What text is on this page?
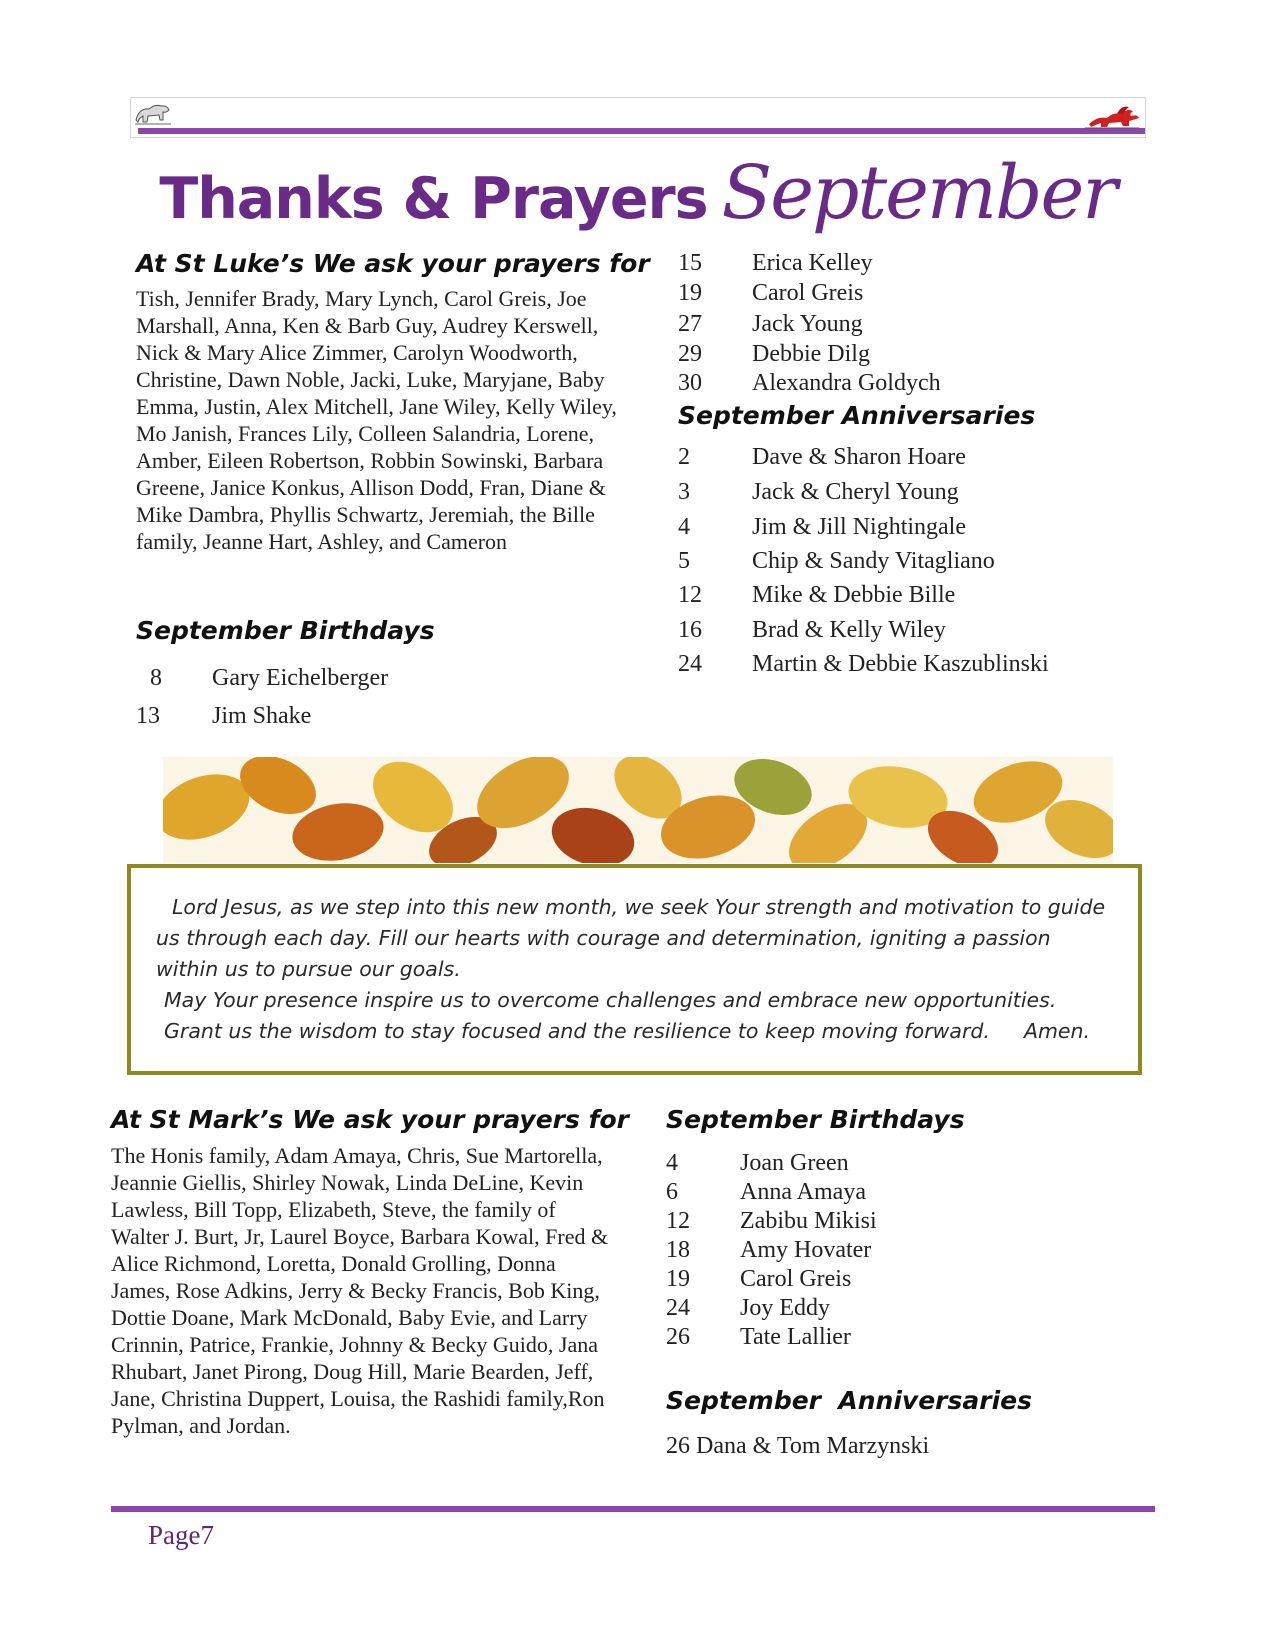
Thanks & Prayers September
At St Luke’s We ask your prayers for
Tish, Jennifer Brady, Mary Lynch, Carol Greis, Joe Marshall, Anna, Ken & Barb Guy, Audrey Kerswell, Nick & Mary Alice Zimmer, Carolyn Woodworth, Christine, Dawn Noble, Jacki, Luke, Maryjane, Baby Emma, Justin, Alex Mitchell, Jane Wiley, Kelly Wiley, Mo Janish, Frances Lily, Colleen Salandria, Lorene, Amber, Eileen Robertson, Robbin Sowinski, Barbara Greene, Janice Konkus, Allison Dodd, Fran, Diane & Mike Dambra, Phyllis Schwartz, Jeremiah, the Bille family, Jeanne Hart, Ashley, and Cameron
September Birthdays
8	Gary Eichelberger
13	Jim Shake
15	Erica Kelley
19	Carol Greis
27	Jack Young
29	Debbie Dilg
30	Alexandra Goldych
September Anniversaries
2	Dave & Sharon Hoare
3	Jack & Cheryl Young
4	Jim & Jill Nightingale
5	Chip & Sandy Vitagliano
12	Mike & Debbie Bille
16	Brad & Kelly Wiley
24	Martin & Debbie Kaszublinski

Lord Jesus, as we step into this new month, we seek Your strength and motivation to guide us through each day. Fill our hearts with courage and determination, igniting a passion within us to pursue our goals.

May Your presence inspire us to overcome challenges and embrace new opportunities.

Grant us the wisdom to stay focused and the resilience to keep moving forward. Amen.

At St Mark’s We ask your prayers for
The Honis family, Adam Amaya, Chris, Sue Martorella, Jeannie Giellis, Shirley Nowak, Linda DeLine, Kevin Lawless, Bill Topp, Elizabeth, Steve, the family of Walter J. Burt, Jr, Laurel Boyce, Barbara Kowal, Fred & Alice Richmond, Loretta, Donald Grolling, Donna James, Rose Adkins, Jerry & Becky Francis, Bob King, Dottie Doane, Mark McDonald, Baby Evie, and Larry Crinnin, Patrice, Frankie, Johnny & Becky Guido, Jana Rhubart, Janet Pirong, Doug Hill, Marie Bearden, Jeff, Jane, Christina Duppert, Louisa, the Rashidi family,Ron Pylman, and Jordan.
September Birthdays
4	Joan Green
6	Anna Amaya
12	Zabibu Mikisi
18	Amy Hovater
19	Carol Greis
24	Joy Eddy
26	Tate Lallier
September  Anniversaries
26 Dana & Tom Marzynski
Page7
